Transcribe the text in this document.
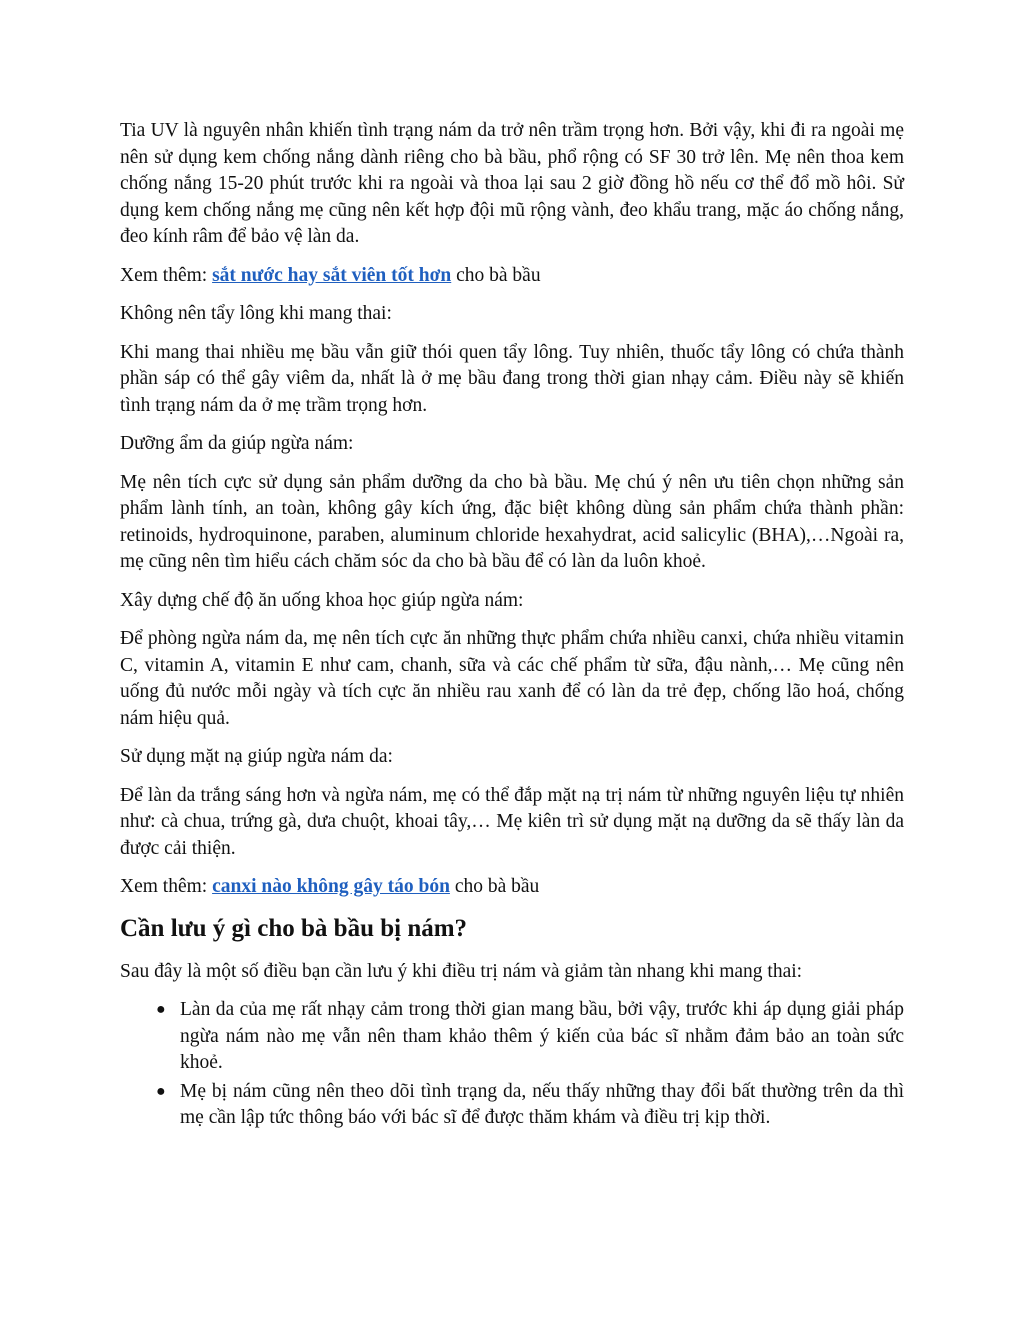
Tia UV là nguyên nhân khiến tình trạng nám da trở nên trầm trọng hơn. Bởi vậy, khi đi ra ngoài mẹ nên sử dụng kem chống nắng dành riêng cho bà bầu, phổ rộng có SF 30 trở lên. Mẹ nên thoa kem chống nắng 15-20 phút trước khi ra ngoài và thoa lại sau 2 giờ đồng hồ nếu cơ thể đổ mồ hôi. Sử dụng kem chống nắng mẹ cũng nên kết hợp đội mũ rộng vành, đeo khẩu trang, mặc áo chống nắng, đeo kính râm để bảo vệ làn da.

Xem thêm: sắt nước hay sắt viên tốt hơn cho bà bầu

Không nên tẩy lông khi mang thai:

Khi mang thai nhiều mẹ bầu vẫn giữ thói quen tẩy lông. Tuy nhiên, thuốc tẩy lông có chứa thành phần sáp có thể gây viêm da, nhất là ở mẹ bầu đang trong thời gian nhạy cảm. Điều này sẽ khiến tình trạng nám da ở mẹ trầm trọng hơn.

Dưỡng ẩm da giúp ngừa nám:

Mẹ nên tích cực sử dụng sản phẩm dưỡng da cho bà bầu. Mẹ chú ý nên ưu tiên chọn những sản phẩm lành tính, an toàn, không gây kích ứng, đặc biệt không dùng sản phẩm chứa thành phần: retinoids, hydroquinone, paraben, aluminum chloride hexahydrat, acid salicylic (BHA),…Ngoài ra, mẹ cũng nên tìm hiểu cách chăm sóc da cho bà bầu để có làn da luôn khoẻ.

Xây dựng chế độ ăn uống khoa học giúp ngừa nám:

Để phòng ngừa nám da, mẹ nên tích cực ăn những thực phẩm chứa nhiều canxi, chứa nhiều vitamin C, vitamin A, vitamin E như cam, chanh, sữa và các chế phẩm từ sữa, đậu nành,… Mẹ cũng nên uống đủ nước mỗi ngày và tích cực ăn nhiều rau xanh để có làn da trẻ đẹp, chống lão hoá, chống nám hiệu quả.

Sử dụng mặt nạ giúp ngừa nám da:

Để làn da trắng sáng hơn và ngừa nám, mẹ có thể đắp mặt nạ trị nám từ những nguyên liệu tự nhiên như: cà chua, trứng gà, dưa chuột, khoai tây,… Mẹ kiên trì sử dụng mặt nạ dưỡng da sẽ thấy làn da được cải thiện.

Xem thêm: canxi nào không gây táo bón cho bà bầu

Cần lưu ý gì cho bà bầu bị nám?

Sau đây là một số điều bạn cần lưu ý khi điều trị nám và giảm tàn nhang khi mang thai:

● Làn da của mẹ rất nhạy cảm trong thời gian mang bầu, bởi vậy, trước khi áp dụng giải pháp ngừa nám nào mẹ vẫn nên tham khảo thêm ý kiến của bác sĩ nhằm đảm bảo an toàn sức khoẻ.
● Mẹ bị nám cũng nên theo dõi tình trạng da, nếu thấy những thay đổi bất thường trên da thì mẹ cần lập tức thông báo với bác sĩ để được thăm khám và điều trị kịp thời.
